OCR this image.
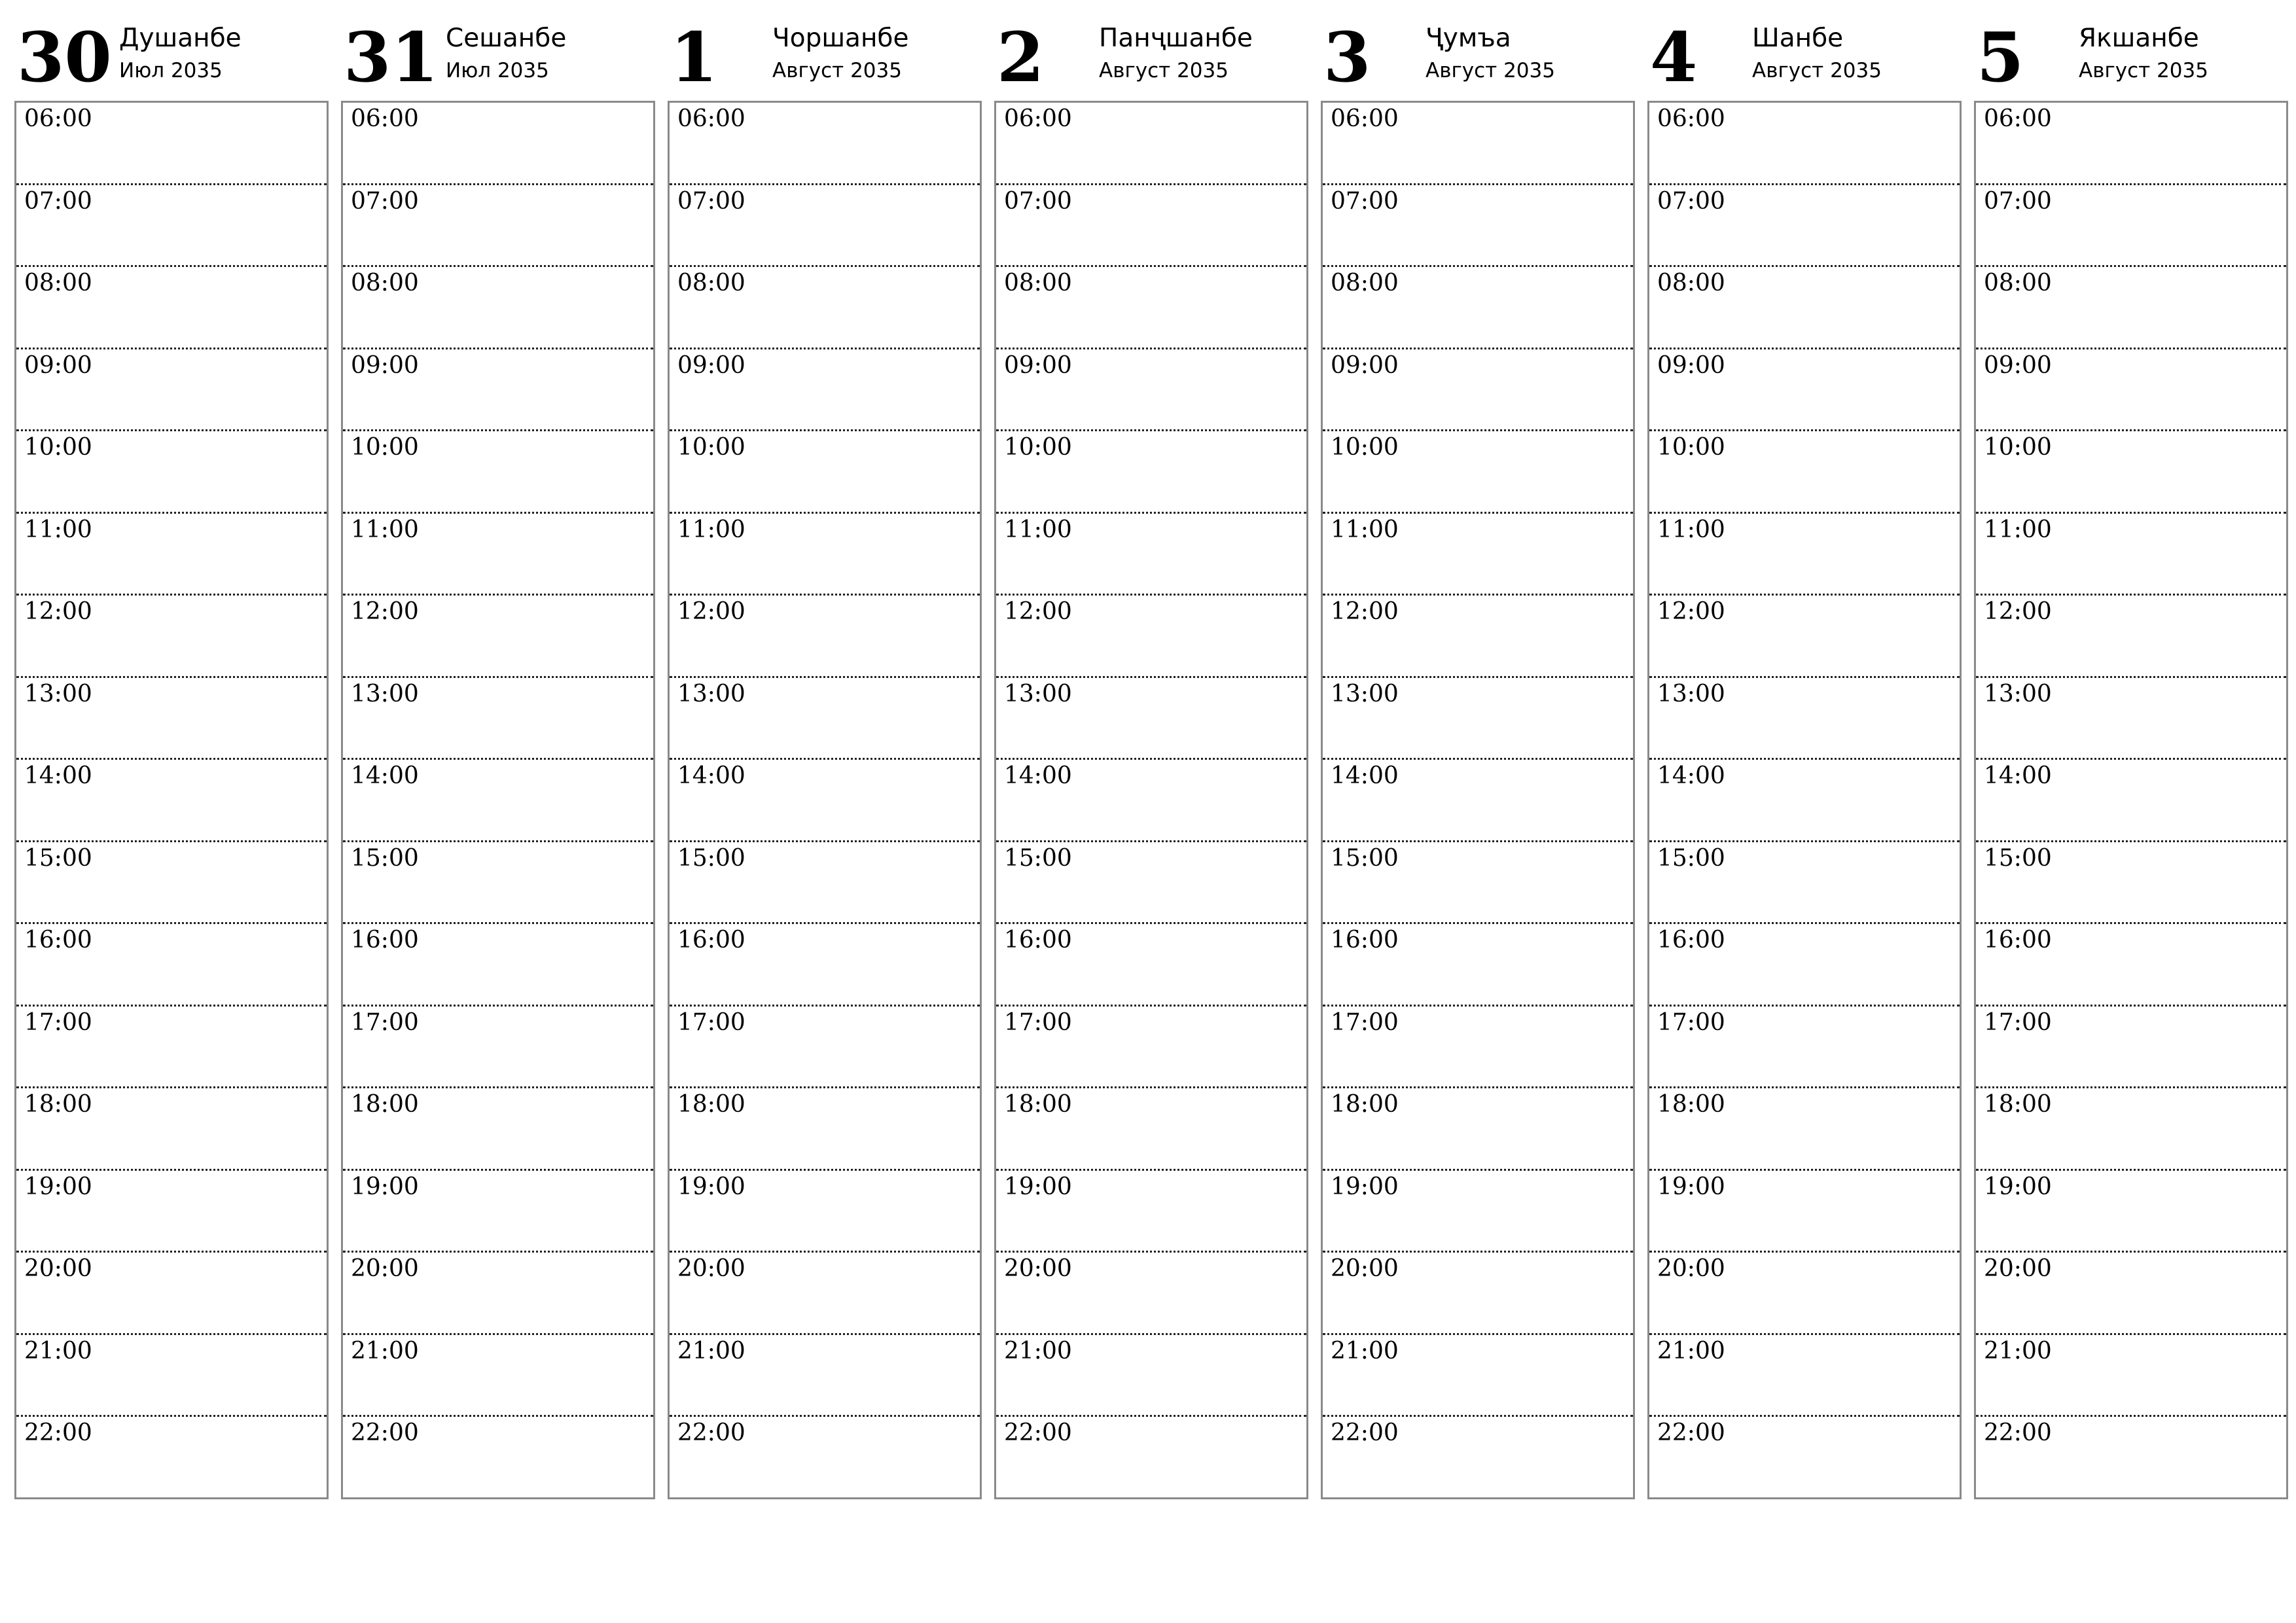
30 Душанбе
Июл 2035
06:00
07:00
08:00
09:00
10:00
11:00
12:00
13:00
14:00
15:00
16:00
17:00
18:00
19:00
20:00
21:00
22:00
31 Сешанбе
Июл 2035
06:00
07:00
08:00
09:00
10:00
11:00
12:00
13:00
14:00
15:00
16:00
17:00
18:00
19:00
20:00
21:00
22:00
1 Чоршанбе
Август 2035
06:00
07:00
08:00
09:00
10:00
11:00
12:00
13:00
14:00
15:00
16:00
17:00
18:00
19:00
20:00
21:00
22:00
2 Панҷшанбе
Август 2035
06:00
07:00
08:00
09:00
10:00
11:00
12:00
13:00
14:00
15:00
16:00
17:00
18:00
19:00
20:00
21:00
22:00
3 Ҷумъа
Август 2035
06:00
07:00
08:00
09:00
10:00
11:00
12:00
13:00
14:00
15:00
16:00
17:00
18:00
19:00
20:00
21:00
22:00
4 Шанбе
Август 2035
06:00
07:00
08:00
09:00
10:00
11:00
12:00
13:00
14:00
15:00
16:00
17:00
18:00
19:00
20:00
21:00
22:00
5 Якшанбе
Август 2035
06:00
07:00
08:00
09:00
10:00
11:00
12:00
13:00
14:00
15:00
16:00
17:00
18:00
19:00
20:00
21:00
22:00
